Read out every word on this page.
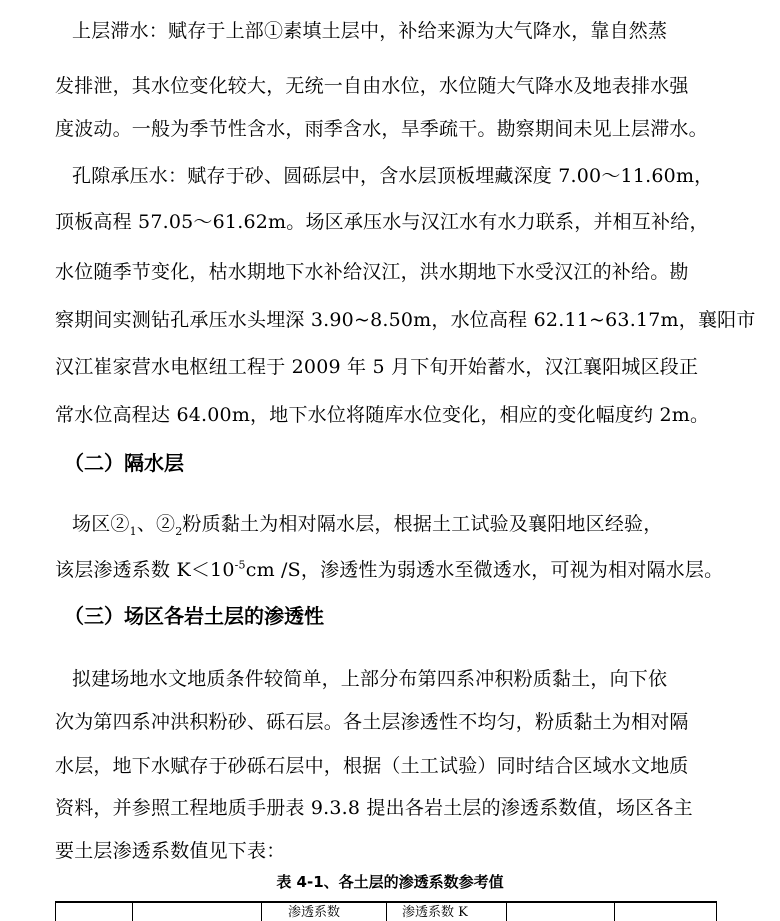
上层滞水：赋存于上部①素填土层中，补给来源为大气降水，靠自然蒸
发排泄，其水位变化较大，无统一自由水位，水位随大气降水及地表排水强
度波动。一般为季节性含水，雨季含水，旱季疏干。勘察期间未见上层滞水。
孔隙承压水：赋存于砂、圆砾层中，含水层顶板埋藏深度 7.00～11.60m，
顶板高程 57.05～61.62m。场区承压水与汉江水有水力联系，并相互补给，
水位随季节变化，枯水期地下水补给汉江，洪水期地下水受汉江的补给。勘
察期间实测钻孔承压水头埋深 3.90~8.50m，水位高程 62.11~63.17m，襄阳市
汉江崔家营水电枢纽工程于 2009 年 5 月下旬开始蓄水，汉江襄阳城区段正
常水位高程达 64.00m，地下水位将随库水位变化，相应的变化幅度约 2m。
（二）隔水层
场区$②_1$、$②_2$粉质黏土为相对隔水层，根据土工试验及襄阳地区经验，
该层渗透系数 $K<10^{-5}cm$ /S，渗透性为弱透水至微透水，可视为相对隔水层。
（三）场区各岩土层的渗透性
拟建场地水文地质条件较简单，上部分布第四系冲积粉质黏土，向下依
次为第四系冲洪积粉砂、砾石层。各土层渗透性不均匀，粉质黏土为相对隔
水层，地下水赋存于砂砾石层中，根据（土工试验）同时结合区域水文地质
资料，并参照工程地质手册表 9.3.8 提出各岩土层的渗透系数值，场区各主
要土层渗透系数值见下表：
表 4-1、各土层的渗透系数参考值
渗透系数	渗透系数 K
